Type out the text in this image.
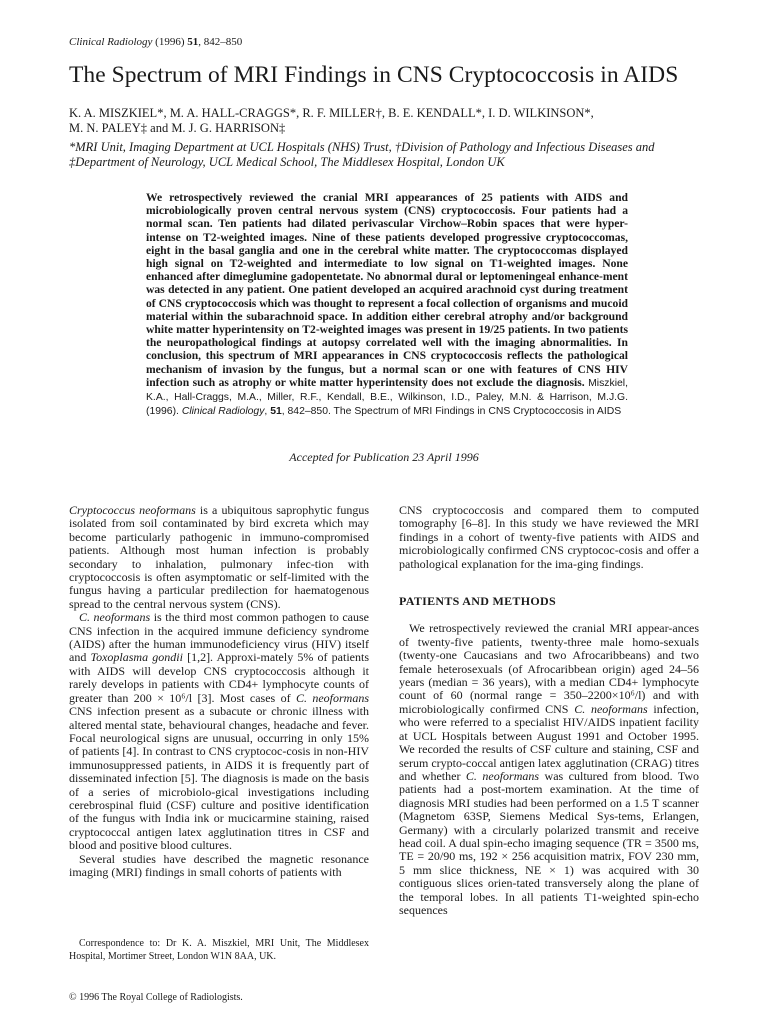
Clinical Radiology (1996) 51, 842–850
The Spectrum of MRI Findings in CNS Cryptococcosis in AIDS
K. A. MISZKIEL*, M. A. HALL-CRAGGS*, R. F. MILLER†, B. E. KENDALL*, I. D. WILKINSON*,
M. N. PALEY‡ and M. J. G. HARRISON‡
*MRI Unit, Imaging Department at UCL Hospitals (NHS) Trust, †Division of Pathology and Infectious Diseases and
‡Department of Neurology, UCL Medical School, The Middlesex Hospital, London UK

We retrospectively reviewed the cranial MRI appearances of 25 patients with AIDS and microbiologically proven central nervous system (CNS) cryptococcosis. Four patients had a normal scan. Ten patients had dilated perivascular Virchow–Robin spaces that were hyper-intense on T2-weighted images. Nine of these patients developed progressive cryptococcomas, eight in the basal ganglia and one in the cerebral white matter. The cryptococcomas displayed high signal on T2-weighted and intermediate to low signal on T1-weighted images. None enhanced after dimeglumine gadopentetate. No abnormal dural or leptomeningeal enhance-ment was detected in any patient. One patient developed an acquired arachnoid cyst during treatment of CNS cryptococcosis which was thought to represent a focal collection of organisms and mucoid material within the subarachnoid space. In addition either cerebral atrophy and/or background white matter hyperintensity on T2-weighted images was present in 19/25 patients. In two patients the neuropathological findings at autopsy correlated well with the imaging abnormalities. In conclusion, this spectrum of MRI appearances in CNS cryptococcosis reflects the pathological mechanism of invasion by the fungus, but a normal scan or one with features of CNS HIV infection such as atrophy or white matter hyperintensity does not exclude the diagnosis. Miszkiel, K.A., Hall-Craggs, M.A., Miller, R.F., Kendall, B.E., Wilkinson, I.D., Paley, M.N. & Harrison, M.J.G. (1996). Clinical Radiology, 51, 842–850. The Spectrum of MRI Findings in CNS Cryptococcosis in AIDS

Accepted for Publication 23 April 1996

Cryptococcus neoformans is a ubiquitous saprophytic fungus isolated from soil contaminated by bird excreta which may become particularly pathogenic in immuno-compromised patients. Although most human infection is probably secondary to inhalation, pulmonary infec-tion with cryptococcosis is often asymptomatic or self-limited with the fungus having a particular predilection for haematogenous spread to the central nervous system (CNS).

C. neoformans is the third most common pathogen to cause CNS infection in the acquired immune deficiency syndrome (AIDS) after the human immunodeficiency virus (HIV) itself and Toxoplasma gondii [1,2]. Approxi-mately 5% of patients with AIDS will develop CNS cryptococcosis although it rarely develops in patients with CD4+ lymphocyte counts of greater than 200 × 10⁶/l [3]. Most cases of C. neoformans CNS infection present as a subacute or chronic illness with altered mental state, behavioural changes, headache and fever. Focal neurological signs are unusual, occurring in only 15% of patients [4]. In contrast to CNS cryptococ-cosis in non-HIV immunosuppressed patients, in AIDS it is frequently part of disseminated infection [5]. The diagnosis is made on the basis of a series of microbiolo-gical investigations including cerebrospinal fluid (CSF) culture and positive identification of the fungus with India ink or mucicarmine staining, raised cryptococcal antigen latex agglutination titres in CSF and blood and positive blood cultures.

Several studies have described the magnetic resonance imaging (MRI) findings in small cohorts of patients with

CNS cryptococcosis and compared them to computed tomography [6–8]. In this study we have reviewed the MRI findings in a cohort of twenty-five patients with AIDS and microbiologically confirmed CNS cryptococ-cosis and offer a pathological explanation for the ima-ging findings.

PATIENTS AND METHODS

We retrospectively reviewed the cranial MRI appear-ances of twenty-five patients, twenty-three male homo-sexuals (twenty-one Caucasians and two Afrocaribbeans) and two female heterosexuals (of Afrocaribbean origin) aged 24–56 years (median = 36 years), with a median CD4+ lymphocyte count of 60 (normal range = 350–2200×10⁶/l) and with microbiologically confirmed CNS C. neoformans infection, who were referred to a specialist HIV/AIDS inpatient facility at UCL Hospitals between August 1991 and October 1995. We recorded the results of CSF culture and staining, CSF and serum crypto-coccal antigen latex agglutination (CRAG) titres and whether C. neoformans was cultured from blood. Two patients had a post-mortem examination. At the time of diagnosis MRI studies had been performed on a 1.5 T scanner (Magnetom 63SP, Siemens Medical Sys-tems, Erlangen, Germany) with a circularly polarized transmit and receive head coil. A dual spin-echo imaging sequence (TR = 3500 ms, TE = 20/90 ms, 192 × 256 acquisition matrix, FOV 230 mm, 5 mm slice thickness, NE × 1) was acquired with 30 contiguous slices orien-tated transversely along the plane of the temporal lobes. In all patients T1-weighted spin-echo sequences

Correspondence to: Dr K. A. Miszkiel, MRI Unit, The Middlesex Hospital, Mortimer Street, London W1N 8AA, UK.

© 1996 The Royal College of Radiologists.
